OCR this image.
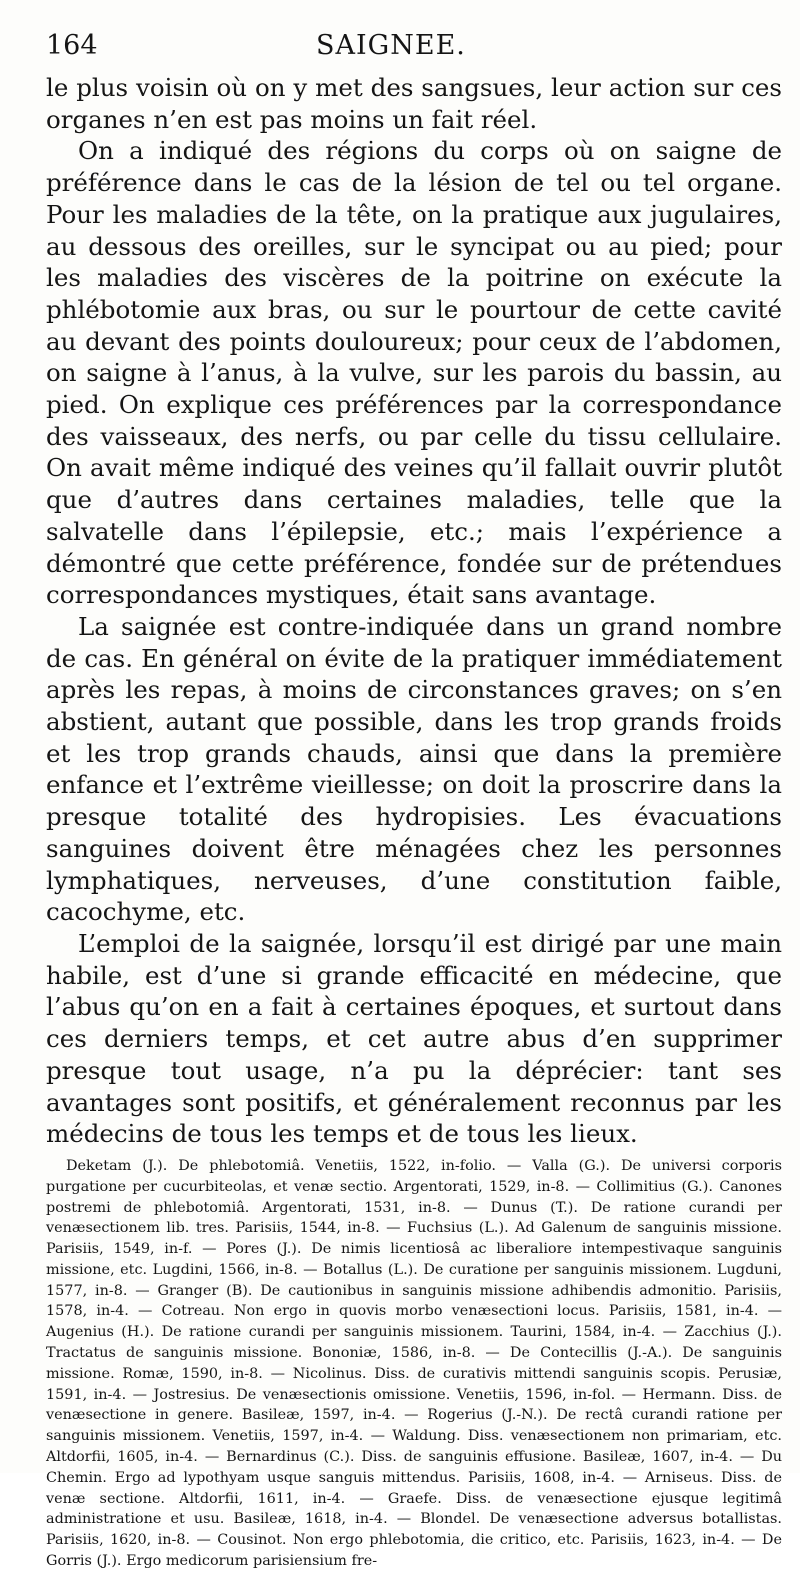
164	SAIGNEE.

le plus voisin où on y met des sangsues, leur action sur ces organes n’en est pas moins un fait réel.

On a indiqué des régions du corps où on saigne de préférence dans le cas de la lésion de tel ou tel organe. Pour les maladies de la tête, on la pratique aux jugulaires, au dessous des oreilles, sur le syncipat ou au pied; pour les maladies des viscères de la poitrine on exécute la phlébotomie aux bras, ou sur le pourtour de cette cavité au devant des points douloureux; pour ceux de l’abdomen, on saigne à l’anus, à la vulve, sur les parois du bassin, au pied. On explique ces préférences par la correspondance des vaisseaux, des nerfs, ou par celle du tissu cellulaire. On avait même indiqué des veines qu’il fallait ouvrir plutôt que d’autres dans certaines maladies, telle que la salvatelle dans l’épilepsie, etc.; mais l’expérience a démontré que cette préférence, fondée sur de prétendues correspondances mystiques, était sans avantage.

La saignée est contre-indiquée dans un grand nombre de cas. En général on évite de la pratiquer immédiatement après les repas, à moins de circonstances graves; on s’en abstient, autant que possible, dans les trop grands froids et les trop grands chauds, ainsi que dans la première enfance et l’extrême vieillesse; on doit la proscrire dans la presque totalité des hydropisies. Les évacuations sanguines doivent être ménagées chez les personnes lymphatiques, nerveuses, d’une constitution faible, cacochyme, etc.

L’emploi de la saignée, lorsqu’il est dirigé par une main habile, est d’une si grande efficacité en médecine, que l’abus qu’on en a fait à certaines époques, et surtout dans ces derniers temps, et cet autre abus d’en supprimer presque tout usage, n’a pu la déprécier: tant ses avantages sont positifs, et généralement reconnus par les médecins de tous les temps et de tous les lieux.

Deketam (J.). De phlebotomiâ. Venetiis, 1522, in-folio. — Valla (G.). De universi corporis purgatione per cucurbiteolas, et venæ sectio. Argentorati, 1529, in-8. — Collimitius (G.). Canones postremi de phlebotomiâ. Argentorati, 1531, in-8. — Dunus (T.). De ratione curandi per venæsectionem lib. tres. Parisiis, 1544, in-8. — Fuchsius (L.). Ad Galenum de sanguinis missione. Parisiis, 1549, in-f. — Pores (J.). De nimis licentiosâ ac liberaliore intempestivaque sanguinis missione, etc. Lugdini, 1566, in-8. — Botallus (L.). De curatione per sanguinis missionem. Lugduni, 1577, in-8. — Granger (B). De cautionibus in sanguinis missione adhibendis admonitio. Parisiis, 1578, in-4. — Cotreau. Non ergo in quovis morbo venæsectioni locus. Parisiis, 1581, in-4. — Augenius (H.). De ratione curandi per sanguinis missionem. Taurini, 1584, in-4. — Zacchius (J.). Tractatus de sanguinis missione. Bononiæ, 1586, in-8. — De Contecillis (J.-A.). De sanguinis missione. Romæ, 1590, in-8. — Nicolinus. Diss. de curativis mittendi sanguinis scopis. Perusiæ, 1591, in-4. — Jostresius. De venæsectionis omissione. Venetiis, 1596, in-fol. — Hermann. Diss. de venæsectione in genere. Basileæ, 1597, in-4. — Rogerius (J.-N.). De rectâ curandi ratione per sanguinis missionem. Venetiis, 1597, in-4. — Waldung. Diss. venæsectionem non primariam, etc. Altdorfii, 1605, in-4. — Bernardinus (C.). Diss. de sanguinis effusione. Basileæ, 1607, in-4. — Du Chemin. Ergo ad lypothyam usque sanguis mittendus. Parisiis, 1608, in-4. — Arniseus. Diss. de venæ sectione. Altdorfii, 1611, in-4. — Graefe. Diss. de venæsectione ejusque legitimâ administratione et usu. Basileæ, 1618, in-4. — Blondel. De venæsectione adversus botallistas. Parisiis, 1620, in-8. — Cousinot. Non ergo phlebotomia, die critico, etc. Parisiis, 1623, in-4. — De Gorris (J.). Ergo medicorum parisiensium fre-
